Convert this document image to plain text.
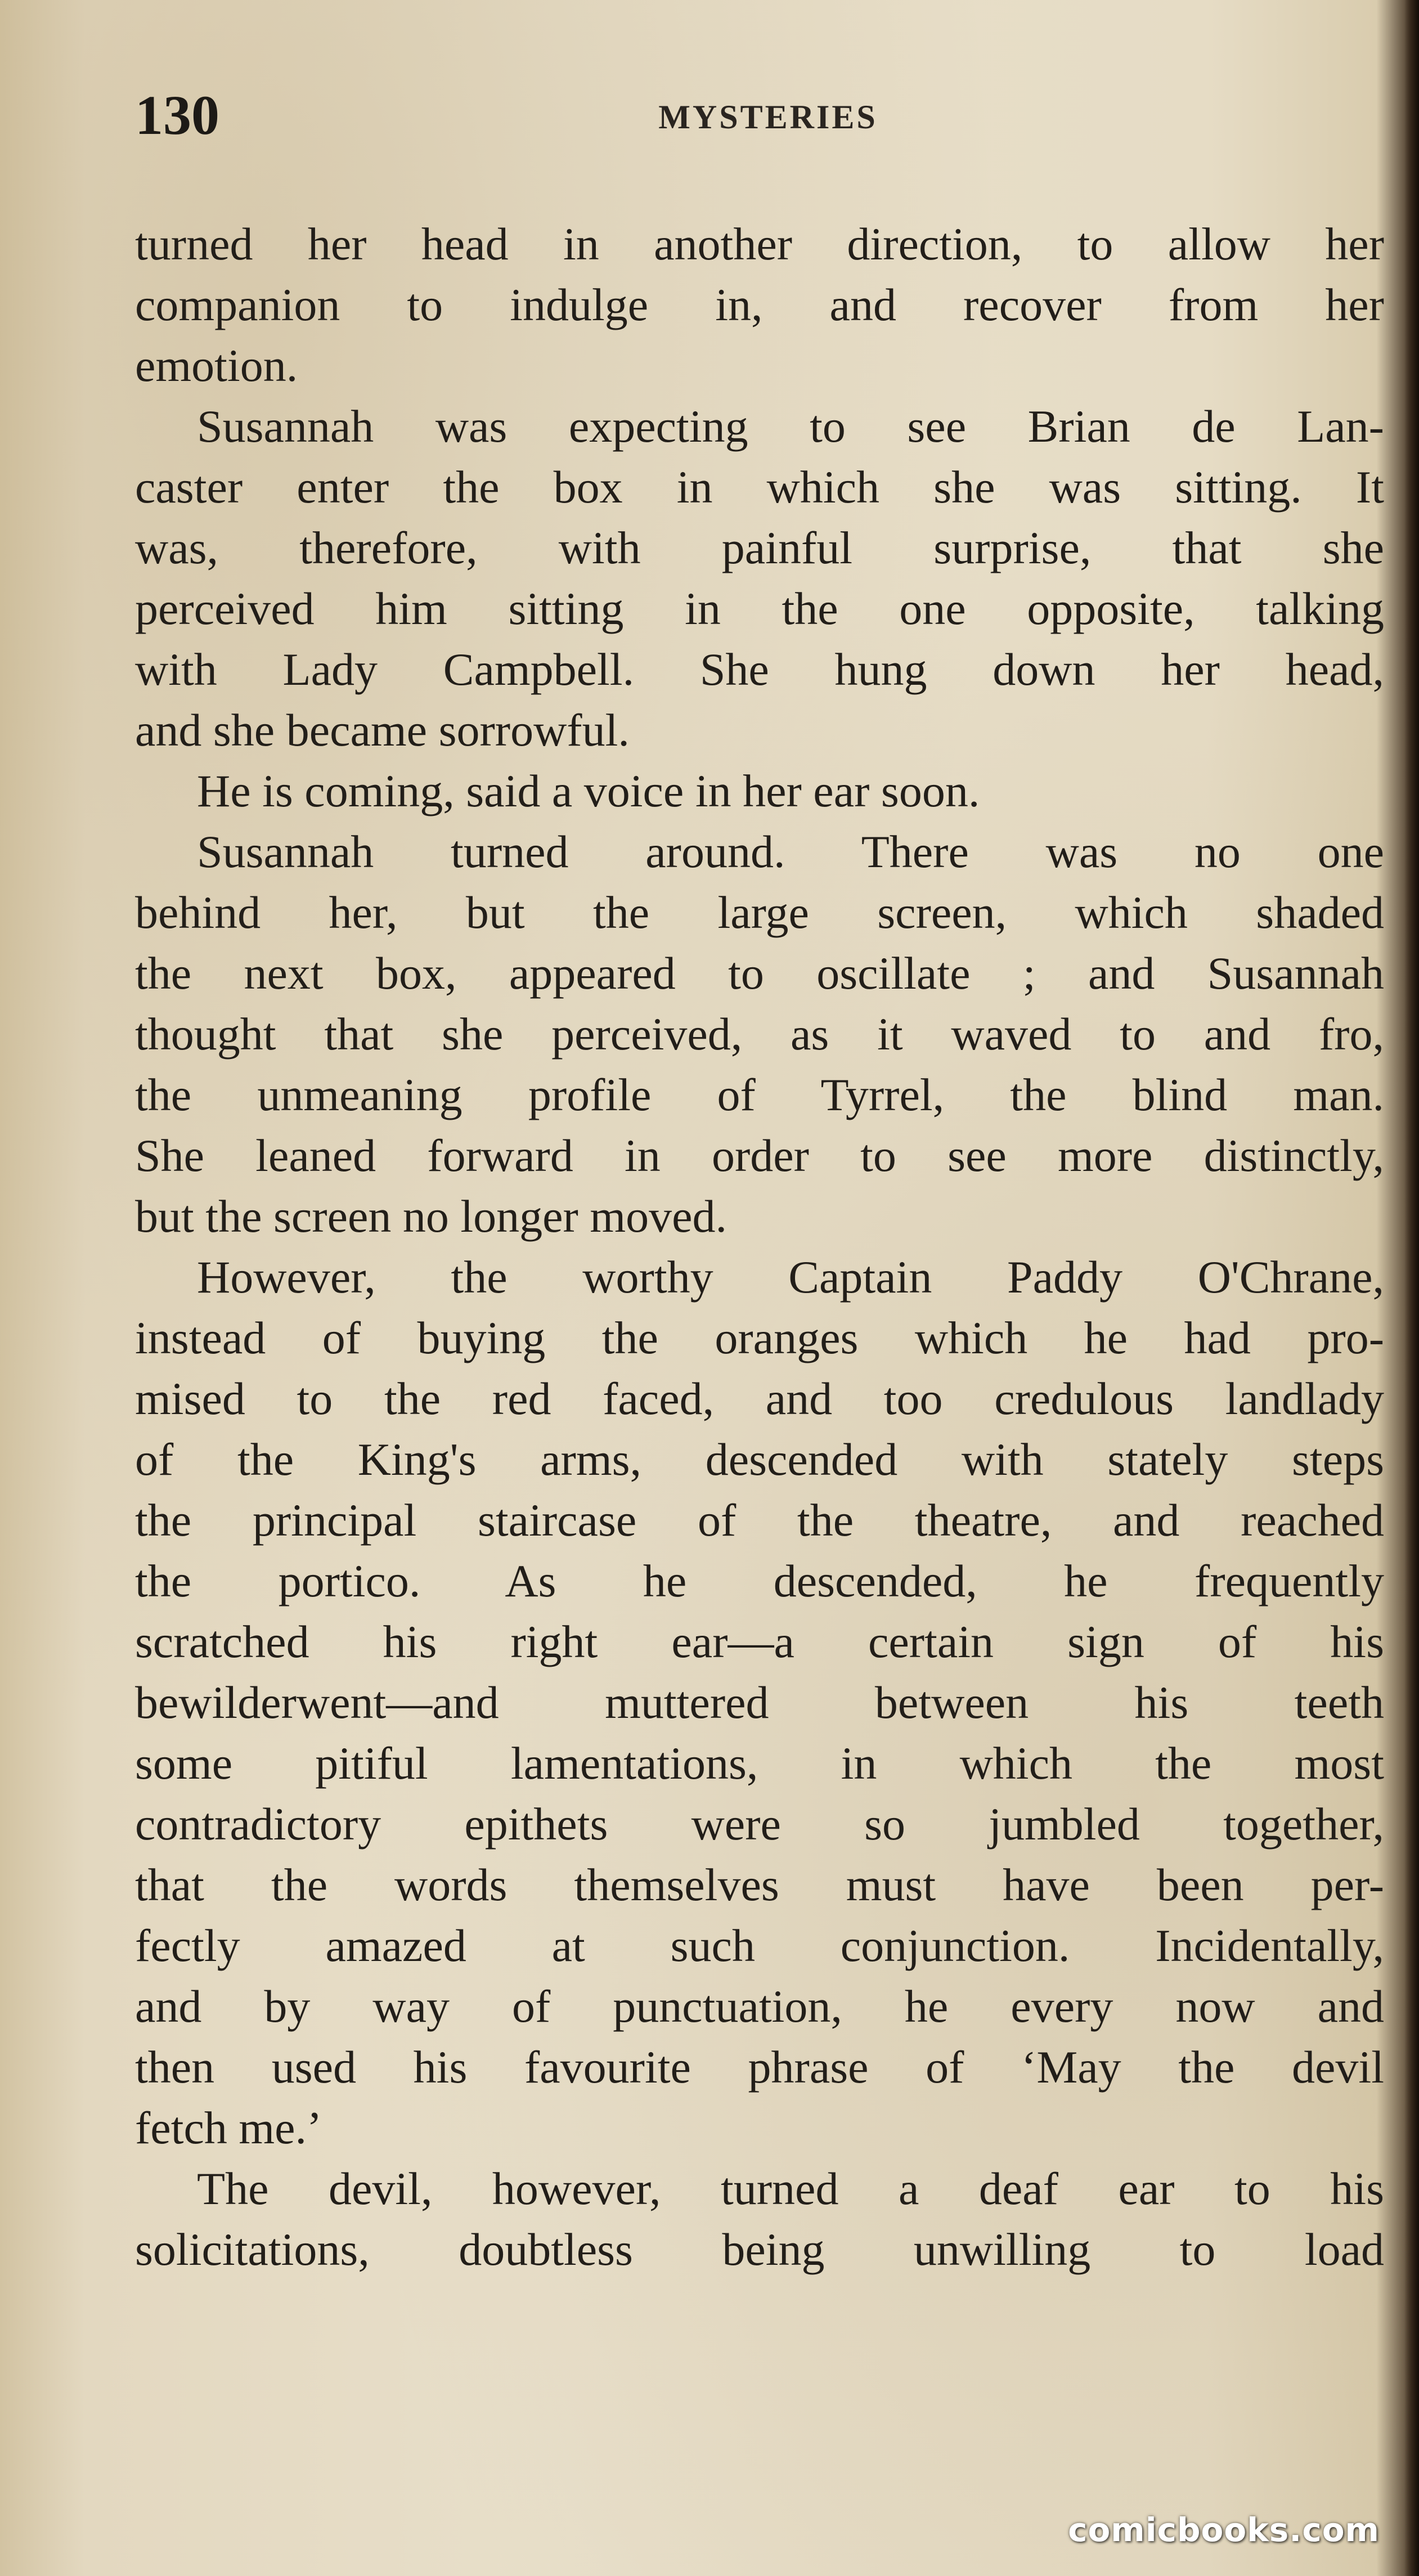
130	MYSTERIES
turned her head in another direction, to allow her
companion to indulge in, and recover from her
emotion.
Susannah was expecting to see Brian de Lan-
caster enter the box in which she was sitting. It
was, therefore, with painful surprise, that she
perceived him sitting in the one opposite, talking
with Lady Campbell. She hung down her head,
and she became sorrowful.
He is coming, said a voice in her ear soon.
Susannah turned around. There was no one
behind her, but the large screen, which shaded
the next box, appeared to oscillate ; and Susannah
thought that she perceived, as it waved to and fro,
the unmeaning profile of Tyrrel, the blind man.
She leaned forward in order to see more distinctly,
but the screen no longer moved.
However, the worthy Captain Paddy O'Chrane,
instead of buying the oranges which he had pro-
mised to the red faced, and too credulous landlady
of the King's arms, descended with stately steps
the principal staircase of the theatre, and reached
the portico. As he descended, he frequently
scratched his right ear—a certain sign of his
bewilderwent—and muttered between his teeth
some pitiful lamentations, in which the most
contradictory epithets were so jumbled together,
that the words themselves must have been per-
fectly amazed at such conjunction. Incidentally,
and by way of punctuation, he every now and
then used his favourite phrase of ‘May the devil
fetch me.’
The devil, however, turned a deaf ear to his
solicitations, doubtless being unwilling to load
comicbooks.com
